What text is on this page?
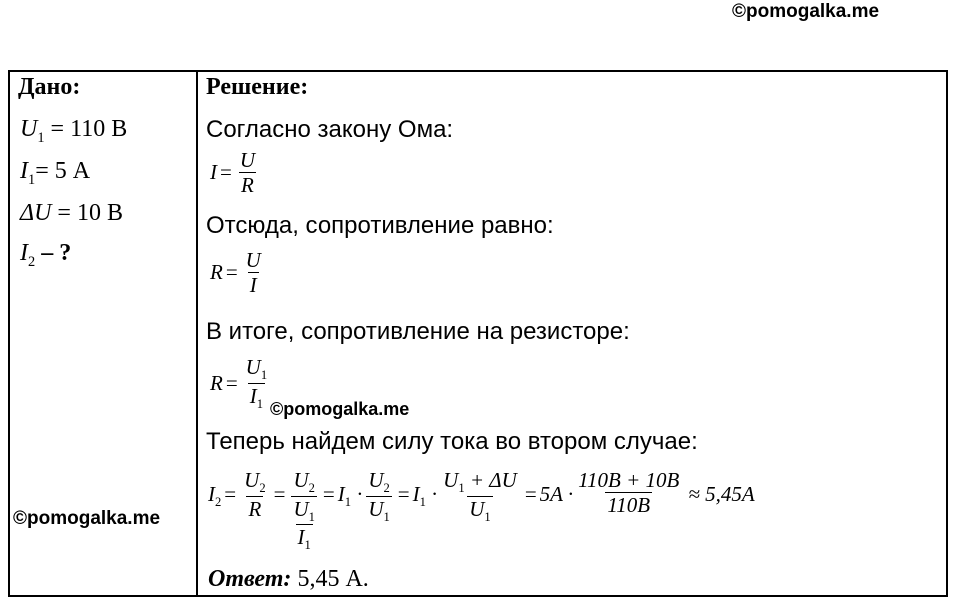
©pomogalka.me
Дано:
$U_1 = 110$ В
$I_1= 5$ А
ΔU = 10 В
$I_2$ – ?
Решение:
Согласно закону Ома:
$I = \frac{U}{R}$
Отсюда, сопротивление равно:
$R = \frac{U}{I}$
В итоге, сопротивление на резисторе:
$R = \frac{U_1}{I_1}$
Теперь найдем силу тока во втором случае:
$I_2 = \frac{U_2}{R} = U_2$
$U_1$
$I_1 = I_1 \cdot \frac{U_2}{U_1} = I_1 \cdot \frac{U_1 + \Delta U}{U_1} = 5A \cdot \frac{110B + 10B}{110B} \approx 5,45A$
Ответ: 5,45 А.
©pomogalka.me
©pomogalka.me
